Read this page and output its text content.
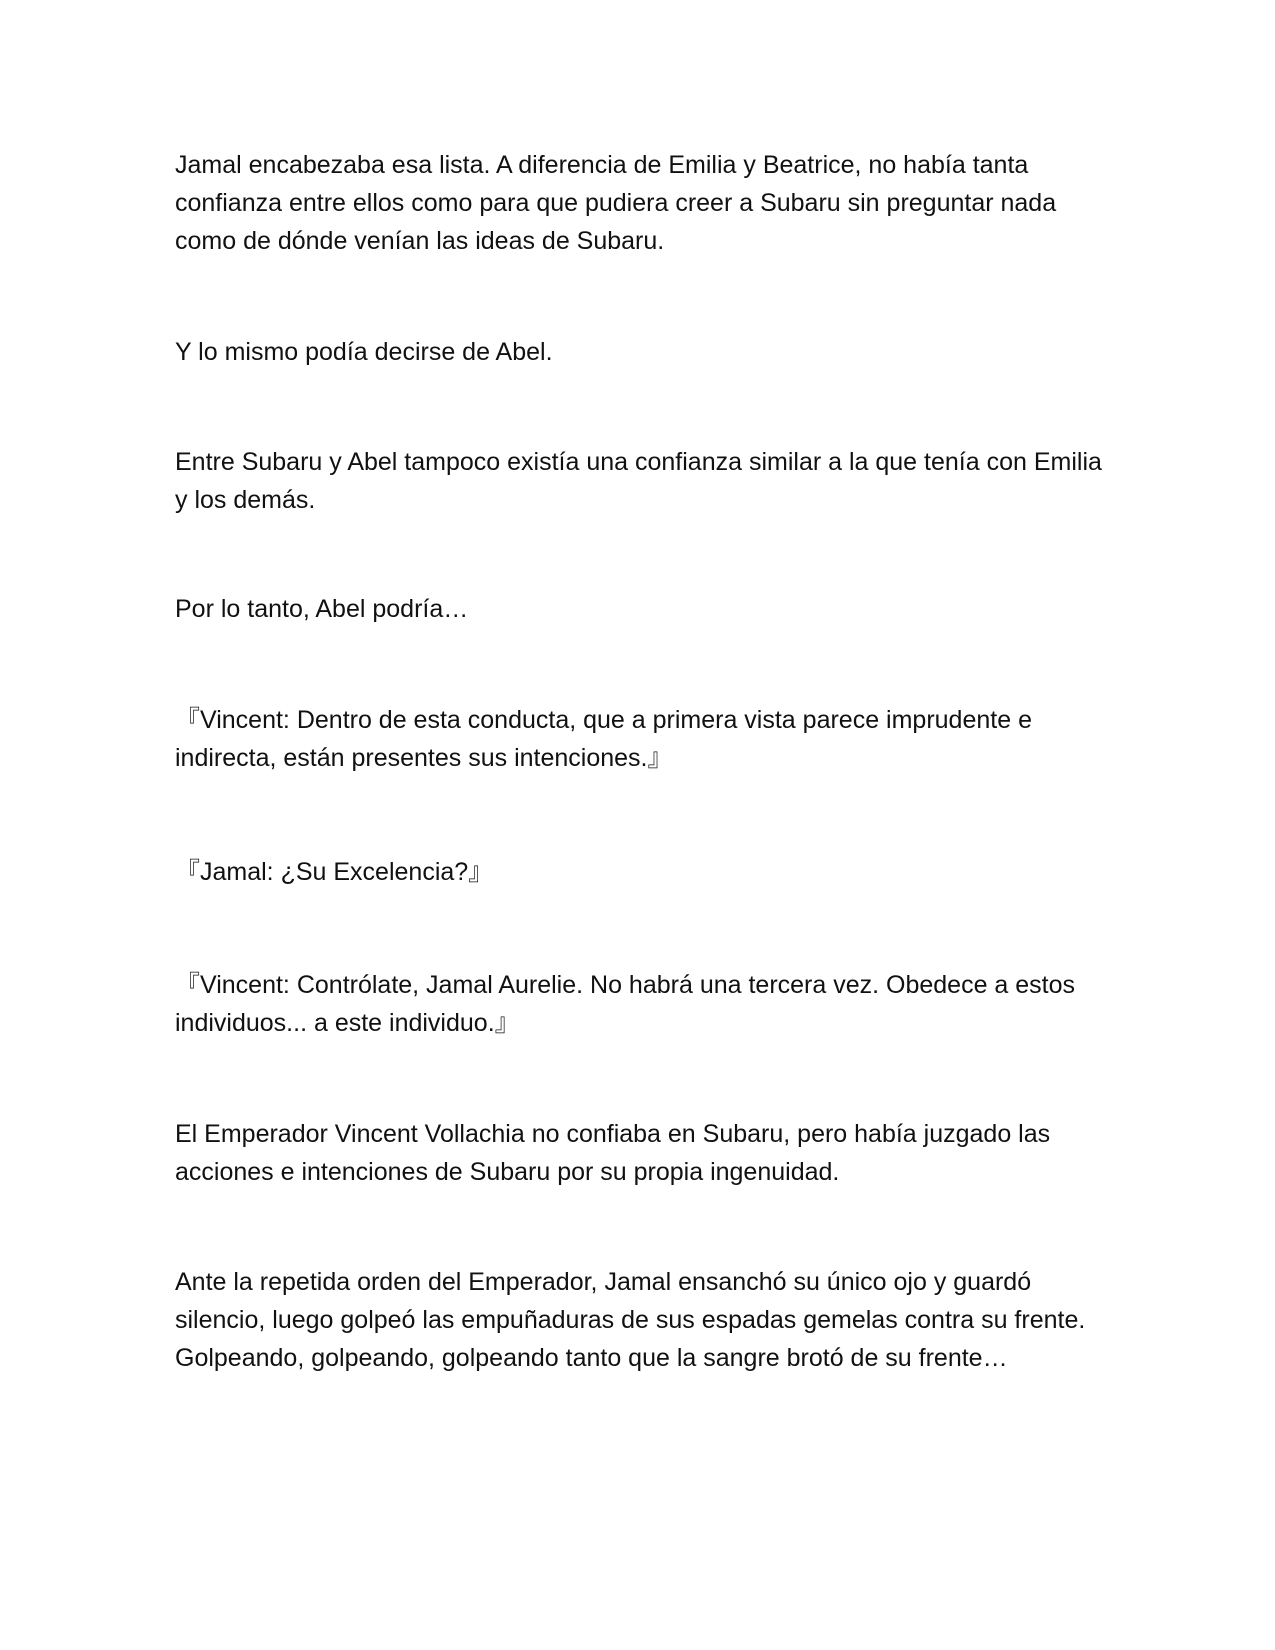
Jamal encabezaba esa lista. A diferencia de Emilia y Beatrice, no había tanta confianza entre ellos como para que pudiera creer a Subaru sin preguntar nada como de dónde venían las ideas de Subaru.

Y lo mismo podía decirse de Abel.

Entre Subaru y Abel tampoco existía una confianza similar a la que tenía con Emilia y los demás.

Por lo tanto, Abel podría…

『Vincent: Dentro de esta conducta, que a primera vista parece imprudente e indirecta, están presentes sus intenciones.』

『Jamal: ¿Su Excelencia?』

『Vincent: Contrólate, Jamal Aurelie. No habrá una tercera vez. Obedece a estos individuos... a este individuo.』

El Emperador Vincent Vollachia no confiaba en Subaru, pero había juzgado las acciones e intenciones de Subaru por su propia ingenuidad.

Ante la repetida orden del Emperador, Jamal ensanchó su único ojo y guardó silencio, luego golpeó las empuñaduras de sus espadas gemelas contra su frente. Golpeando, golpeando, golpeando tanto que la sangre brotó de su frente…
